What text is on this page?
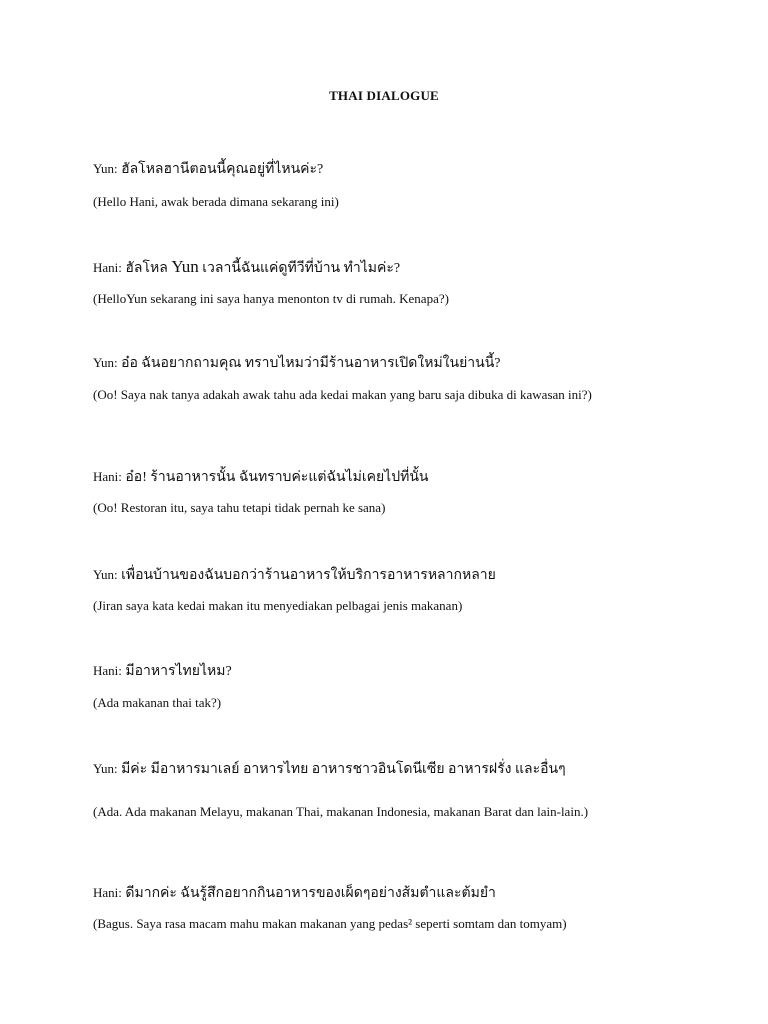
THAI DIALOGUE
Yun: ฮัลโหลฮานีตอนนี้คุณอยู่ที่ไหนค่ะ?
(Hello Hani, awak berada dimana sekarang ini)
Hani: ฮัลโหล Yun เวลานี้ฉันแค่ดูทีวีที่บ้าน ทำไมค่ะ?
(HelloYun sekarang ini saya hanya menonton tv di rumah. Kenapa?)
Yun: อ๋อ ฉันอยากถามคุณ ทราบไหมว่ามีร้านอาหารเปิดใหม่ในย่านนี้?
(Oo! Saya nak tanya adakah awak tahu ada kedai makan yang baru saja dibuka di kawasan ini?)
Hani: อ๋อ! ร้านอาหารนั้น ฉันทราบค่ะแต่ฉันไม่เคยไปที่นั้น
(Oo! Restoran itu, saya tahu tetapi tidak pernah ke sana)
Yun: เพื่อนบ้านของฉันบอกว่าร้านอาหารให้บริการอาหารหลากหลาย
(Jiran saya kata kedai makan itu menyediakan pelbagai jenis makanan)
Hani: มีอาหารไทยไหม?
(Ada makanan thai tak?)
Yun: มีค่ะ มีอาหารมาเลย์ อาหารไทย อาหารชาวอินโดนีเซีย อาหารฝรั่ง และอื่นๆ
(Ada. Ada makanan Melayu, makanan Thai, makanan Indonesia, makanan Barat dan lain-lain.)
Hani: ดีมากค่ะ ฉันรู้สึกอยากกินอาหารของเผ็ดๆอย่างส้มตำและต้มยำ
(Bagus. Saya rasa macam mahu makan makanan yang pedas² seperti somtam dan tomyam)
